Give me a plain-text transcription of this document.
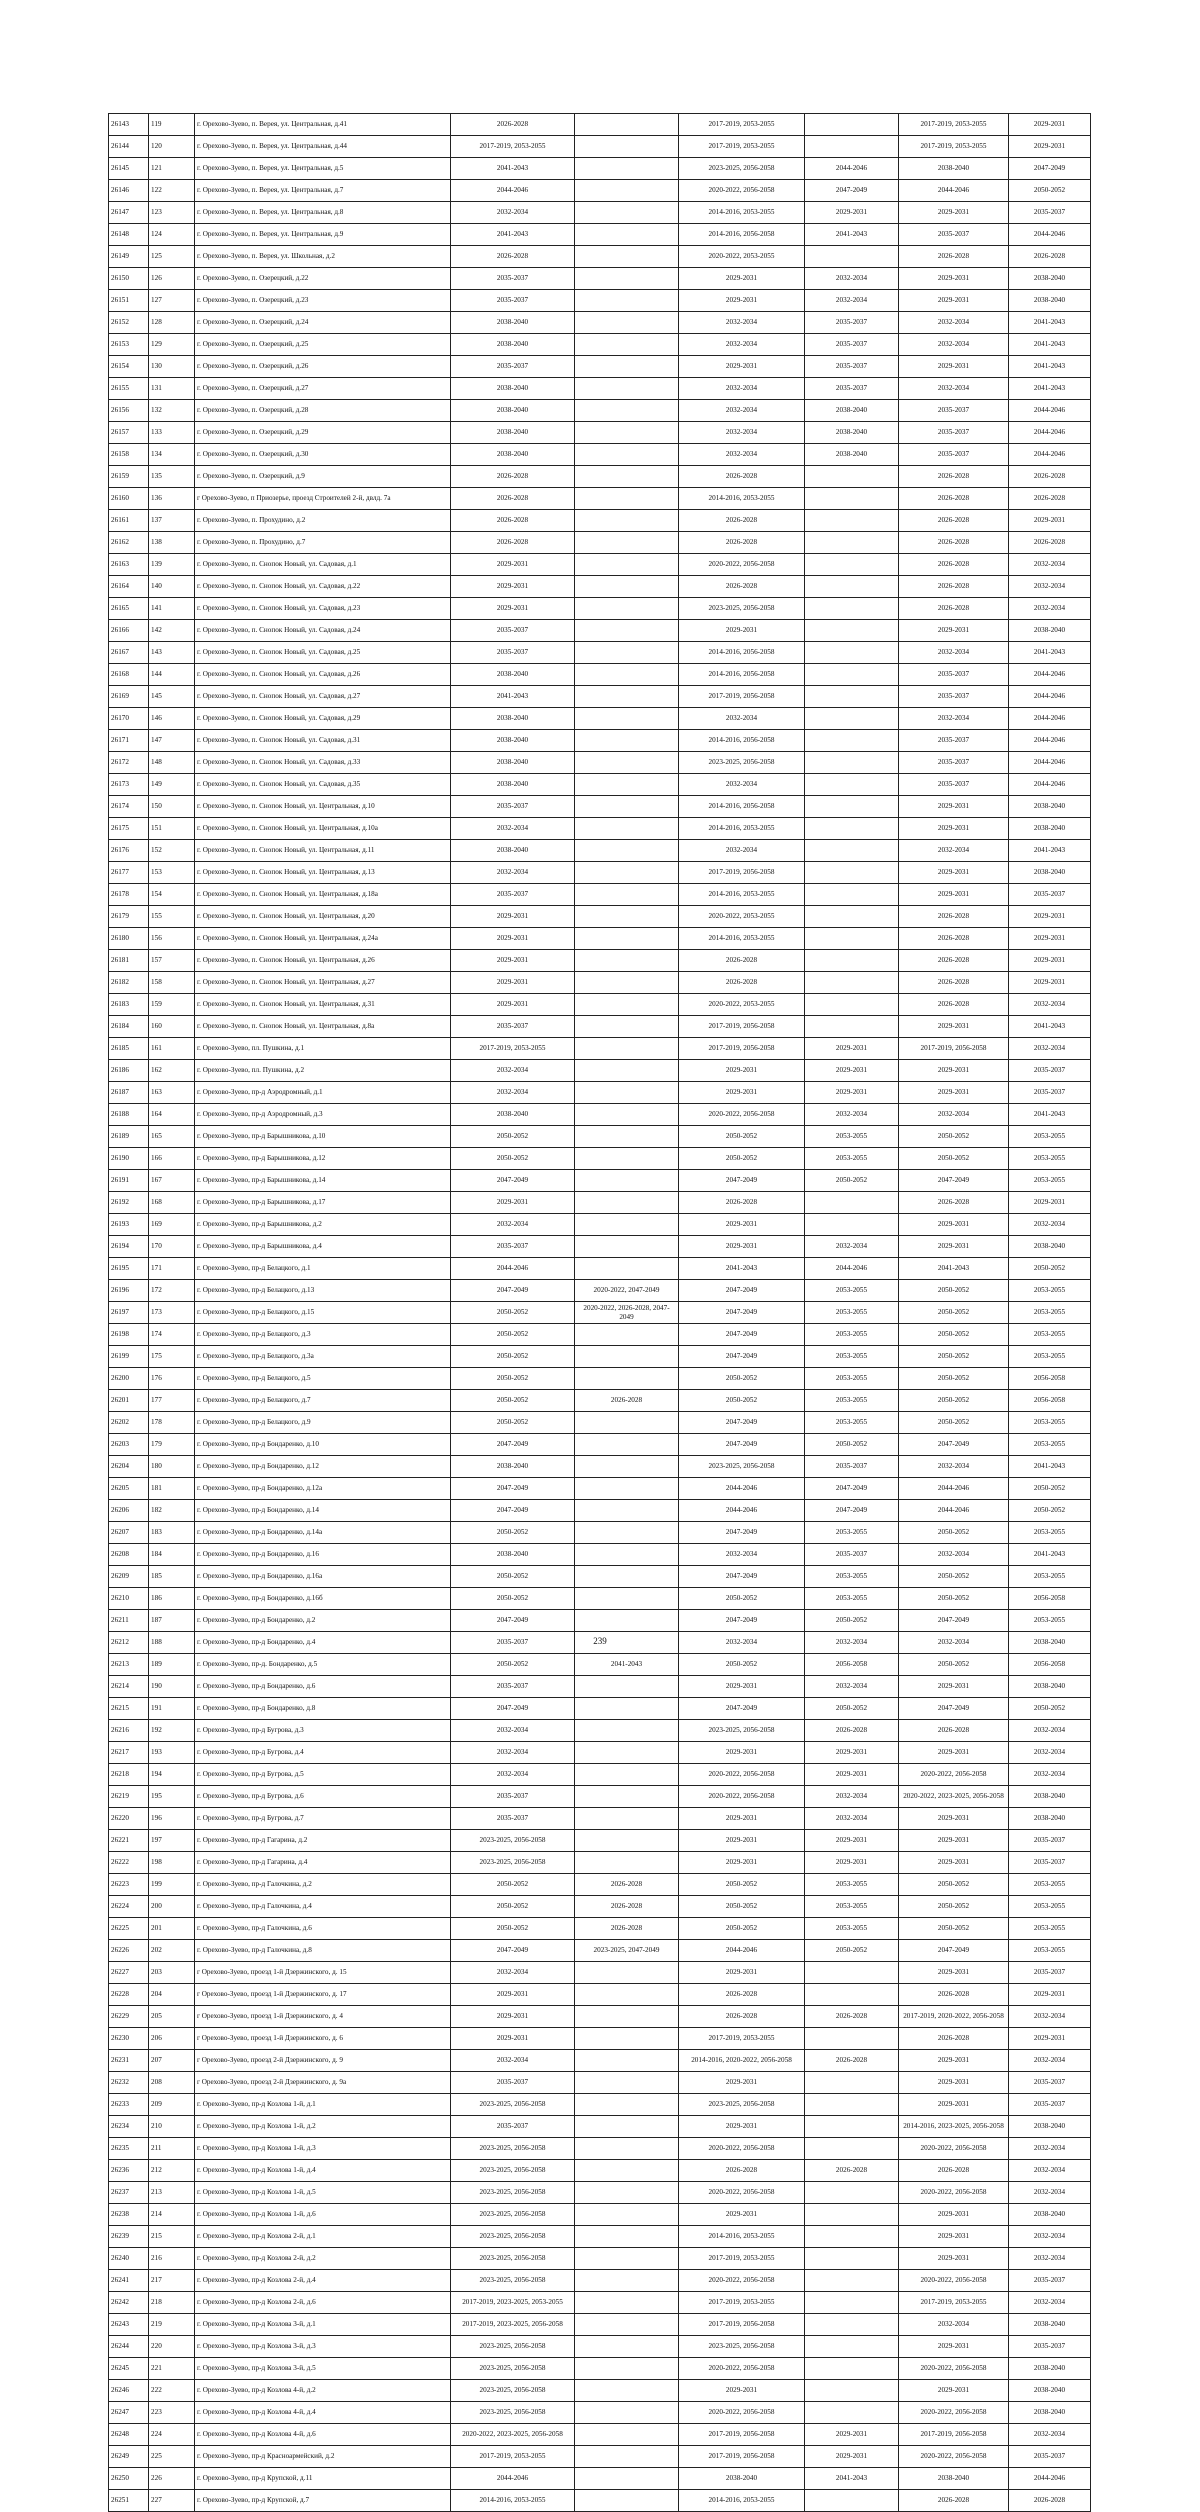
26143	119	г. Орехово-Зуево, п. Верея, ул. Центральная, д.41	2026-2028		2017-2019, 2053-2055		2017-2019, 2053-2055	2029-2031
26144	120	г. Орехово-Зуево, п. Верея, ул. Центральная, д.44	2017-2019, 2053-2055		2017-2019, 2053-2055		2017-2019, 2053-2055	2029-2031
26145	121	г. Орехово-Зуево, п. Верея, ул. Центральная, д.5	2041-2043		2023-2025, 2056-2058	2044-2046	2038-2040	2047-2049
26146	122	г. Орехово-Зуево, п. Верея, ул. Центральная, д.7	2044-2046		2020-2022, 2056-2058	2047-2049	2044-2046	2050-2052
26147	123	г. Орехово-Зуево, п. Верея, ул. Центральная, д.8	2032-2034		2014-2016, 2053-2055	2029-2031	2029-2031	2035-2037
26148	124	г. Орехово-Зуево, п. Верея, ул. Центральная, д.9	2041-2043		2014-2016, 2056-2058	2041-2043	2035-2037	2044-2046
26149	125	г. Орехово-Зуево, п. Верея, ул. Школьная, д.2	2026-2028		2020-2022, 2053-2055		2026-2028	2026-2028
26150	126	г. Орехово-Зуево, п. Озерецкий, д.22	2035-2037		2029-2031	2032-2034	2029-2031	2038-2040
26151	127	г. Орехово-Зуево, п. Озерецкий, д.23	2035-2037		2029-2031	2032-2034	2029-2031	2038-2040
26152	128	г. Орехово-Зуево, п. Озерецкий, д.24	2038-2040		2032-2034	2035-2037	2032-2034	2041-2043
26153	129	г. Орехово-Зуево, п. Озерецкий, д.25	2038-2040		2032-2034	2035-2037	2032-2034	2041-2043
26154	130	г. Орехово-Зуево, п. Озерецкий, д.26	2035-2037		2029-2031	2035-2037	2029-2031	2041-2043
26155	131	г. Орехово-Зуево, п. Озерецкий, д.27	2038-2040		2032-2034	2035-2037	2032-2034	2041-2043
26156	132	г. Орехово-Зуево, п. Озерецкий, д.28	2038-2040		2032-2034	2038-2040	2035-2037	2044-2046
26157	133	г. Орехово-Зуево, п. Озерецкий, д.29	2038-2040		2032-2034	2038-2040	2035-2037	2044-2046
26158	134	г. Орехово-Зуево, п. Озерецкий, д.30	2038-2040		2032-2034	2038-2040	2035-2037	2044-2046
26159	135	г. Орехово-Зуево, п. Озерецкий, д.9	2026-2028		2026-2028		2026-2028	2026-2028
26160	136	г Орехово-Зуево, п Приозерье, проезд Строителей 2-й, двлд. 7а	2026-2028		2014-2016, 2053-2055		2026-2028	2026-2028
26161	137	г. Орехово-Зуево, п. Прохудино, д.2	2026-2028		2026-2028		2026-2028	2029-2031
26162	138	г. Орехово-Зуево, п. Прохудино, д.7	2026-2028		2026-2028		2026-2028	2026-2028
26163	139	г. Орехово-Зуево, п. Снопок Новый, ул. Садовая, д.1	2029-2031		2020-2022, 2056-2058		2026-2028	2032-2034
26164	140	г. Орехово-Зуево, п. Снопок Новый, ул. Садовая, д.22	2029-2031		2026-2028		2026-2028	2032-2034
26165	141	г. Орехово-Зуево, п. Снопок Новый, ул. Садовая, д.23	2029-2031		2023-2025, 2056-2058		2026-2028	2032-2034
26166	142	г. Орехово-Зуево, п. Снопок Новый, ул. Садовая, д.24	2035-2037		2029-2031		2029-2031	2038-2040
26167	143	г. Орехово-Зуево, п. Снопок Новый, ул. Садовая, д.25	2035-2037		2014-2016, 2056-2058		2032-2034	2041-2043
26168	144	г. Орехово-Зуево, п. Снопок Новый, ул. Садовая, д.26	2038-2040		2014-2016, 2056-2058		2035-2037	2044-2046
26169	145	г. Орехово-Зуево, п. Снопок Новый, ул. Садовая, д.27	2041-2043		2017-2019, 2056-2058		2035-2037	2044-2046
26170	146	г. Орехово-Зуево, п. Снопок Новый, ул. Садовая, д.29	2038-2040		2032-2034		2032-2034	2044-2046
26171	147	г. Орехово-Зуево, п. Снопок Новый, ул. Садовая, д.31	2038-2040		2014-2016, 2056-2058		2035-2037	2044-2046
26172	148	г. Орехово-Зуево, п. Снопок Новый, ул. Садовая, д.33	2038-2040		2023-2025, 2056-2058		2035-2037	2044-2046
26173	149	г. Орехово-Зуево, п. Снопок Новый, ул. Садовая, д.35	2038-2040		2032-2034		2035-2037	2044-2046
26174	150	г. Орехово-Зуево, п. Снопок Новый, ул. Центральная, д.10	2035-2037		2014-2016, 2056-2058		2029-2031	2038-2040
26175	151	г. Орехово-Зуево, п. Снопок Новый, ул. Центральная, д.10а	2032-2034		2014-2016, 2053-2055		2029-2031	2038-2040
26176	152	г. Орехово-Зуево, п. Снопок Новый, ул. Центральная, д.11	2038-2040		2032-2034		2032-2034	2041-2043
26177	153	г. Орехово-Зуево, п. Снопок Новый, ул. Центральная, д.13	2032-2034		2017-2019, 2056-2058		2029-2031	2038-2040
26178	154	г. Орехово-Зуево, п. Снопок Новый, ул. Центральная, д.18а	2035-2037		2014-2016, 2053-2055		2029-2031	2035-2037
26179	155	г. Орехово-Зуево, п. Снопок Новый, ул. Центральная, д.20	2029-2031		2020-2022, 2053-2055		2026-2028	2029-2031
26180	156	г. Орехово-Зуево, п. Снопок Новый, ул. Центральная, д.24а	2029-2031		2014-2016, 2053-2055		2026-2028	2029-2031
26181	157	г. Орехово-Зуево, п. Снопок Новый, ул. Центральная, д.26	2029-2031		2026-2028		2026-2028	2029-2031
26182	158	г. Орехово-Зуево, п. Снопок Новый, ул. Центральная, д.27	2029-2031		2026-2028		2026-2028	2029-2031
26183	159	г. Орехово-Зуево, п. Снопок Новый, ул. Центральная, д.31	2029-2031		2020-2022, 2053-2055		2026-2028	2032-2034
26184	160	г. Орехово-Зуево, п. Снопок Новый, ул. Центральная, д.8а	2035-2037		2017-2019, 2056-2058		2029-2031	2041-2043
26185	161	г. Орехово-Зуево, пл. Пушкина, д.1	2017-2019, 2053-2055		2017-2019, 2056-2058	2029-2031	2017-2019, 2056-2058	2032-2034
26186	162	г. Орехово-Зуево, пл. Пушкина, д.2	2032-2034		2029-2031	2029-2031	2029-2031	2035-2037
26187	163	г. Орехово-Зуево, пр-д Аэродромный, д.1	2032-2034		2029-2031	2029-2031	2029-2031	2035-2037
26188	164	г. Орехово-Зуево, пр-д Аэродромный, д.3	2038-2040		2020-2022, 2056-2058	2032-2034	2032-2034	2041-2043
26189	165	г. Орехово-Зуево, пр-д Барышникова, д.10	2050-2052		2050-2052	2053-2055	2050-2052	2053-2055
26190	166	г. Орехово-Зуево, пр-д Барышникова, д.12	2050-2052		2050-2052	2053-2055	2050-2052	2053-2055
26191	167	г. Орехово-Зуево, пр-д Барышникова, д.14	2047-2049		2047-2049	2050-2052	2047-2049	2053-2055
26192	168	г. Орехово-Зуево, пр-д Барышникова, д.17	2029-2031		2026-2028		2026-2028	2029-2031
26193	169	г. Орехово-Зуево, пр-д Барышникова, д.2	2032-2034		2029-2031		2029-2031	2032-2034
26194	170	г. Орехово-Зуево, пр-д Барышникова, д.4	2035-2037		2029-2031	2032-2034	2029-2031	2038-2040
26195	171	г. Орехово-Зуево, пр-д Белацкого, д.1	2044-2046		2041-2043	2044-2046	2041-2043	2050-2052
26196	172	г. Орехово-Зуево, пр-д Белацкого, д.13	2047-2049	2020-2022, 2047-2049	2047-2049	2053-2055	2050-2052	2053-2055
26197	173	г. Орехово-Зуево, пр-д Белацкого, д.15	2050-2052	2020-2022, 2026-2028, 2047-2049	2047-2049	2053-2055	2050-2052	2053-2055
26198	174	г. Орехово-Зуево, пр-д Белацкого, д.3	2050-2052		2047-2049	2053-2055	2050-2052	2053-2055
26199	175	г. Орехово-Зуево, пр-д Белацкого, д.3а	2050-2052		2047-2049	2053-2055	2050-2052	2053-2055
26200	176	г. Орехово-Зуево, пр-д Белацкого, д.5	2050-2052		2050-2052	2053-2055	2050-2052	2056-2058
26201	177	г. Орехово-Зуево, пр-д Белацкого, д.7	2050-2052	2026-2028	2050-2052	2053-2055	2050-2052	2056-2058
26202	178	г. Орехово-Зуево, пр-д Белацкого, д.9	2050-2052		2047-2049	2053-2055	2050-2052	2053-2055
26203	179	г. Орехово-Зуево, пр-д Бондаренко, д.10	2047-2049		2047-2049	2050-2052	2047-2049	2053-2055
26204	180	г. Орехово-Зуево, пр-д Бондаренко, д.12	2038-2040		2023-2025, 2056-2058	2035-2037	2032-2034	2041-2043
26205	181	г. Орехово-Зуево, пр-д Бондаренко, д.12а	2047-2049		2044-2046	2047-2049	2044-2046	2050-2052
26206	182	г. Орехово-Зуево, пр-д Бондаренко, д.14	2047-2049		2044-2046	2047-2049	2044-2046	2050-2052
26207	183	г. Орехово-Зуево, пр-д Бондаренко, д.14а	2050-2052		2047-2049	2053-2055	2050-2052	2053-2055
26208	184	г. Орехово-Зуево, пр-д Бондаренко, д.16	2038-2040		2032-2034	2035-2037	2032-2034	2041-2043
26209	185	г. Орехово-Зуево, пр-д Бондаренко, д.16а	2050-2052		2047-2049	2053-2055	2050-2052	2053-2055
26210	186	г. Орехово-Зуево, пр-д Бондаренко, д.16б	2050-2052		2050-2052	2053-2055	2050-2052	2056-2058
26211	187	г. Орехово-Зуево, пр-д Бондаренко, д.2	2047-2049		2047-2049	2050-2052	2047-2049	2053-2055
26212	188	г. Орехово-Зуево, пр-д Бондаренко, д.4	2035-2037		2032-2034	2032-2034	2032-2034	2038-2040
26213	189	г. Орехово-Зуево, пр-д. Бондаренко, д.5	2050-2052	2041-2043	2050-2052	2056-2058	2050-2052	2056-2058
26214	190	г. Орехово-Зуево, пр-д Бондаренко, д.6	2035-2037		2029-2031	2032-2034	2029-2031	2038-2040
26215	191	г. Орехово-Зуево, пр-д Бондаренко, д.8	2047-2049		2047-2049	2050-2052	2047-2049	2050-2052
26216	192	г. Орехово-Зуево, пр-д Бугрова, д.3	2032-2034		2023-2025, 2056-2058	2026-2028	2026-2028	2032-2034
26217	193	г. Орехово-Зуево, пр-д Бугрова, д.4	2032-2034		2029-2031	2029-2031	2029-2031	2032-2034
26218	194	г. Орехово-Зуево, пр-д Бугрова, д.5	2032-2034		2020-2022, 2056-2058	2029-2031	2020-2022, 2056-2058	2032-2034
26219	195	г. Орехово-Зуево, пр-д Бугрова, д.6	2035-2037		2020-2022, 2056-2058	2032-2034	2020-2022, 2023-2025, 2056-2058	2038-2040
26220	196	г. Орехово-Зуево, пр-д Бугрова, д.7	2035-2037		2029-2031	2032-2034	2029-2031	2038-2040
26221	197	г. Орехово-Зуево, пр-д Гагарина, д.2	2023-2025, 2056-2058		2029-2031	2029-2031	2029-2031	2035-2037
26222	198	г. Орехово-Зуево, пр-д Гагарина, д.4	2023-2025, 2056-2058		2029-2031	2029-2031	2029-2031	2035-2037
26223	199	г. Орехово-Зуево, пр-д Галочкина, д.2	2050-2052	2026-2028	2050-2052	2053-2055	2050-2052	2053-2055
26224	200	г. Орехово-Зуево, пр-д Галочкина, д.4	2050-2052	2026-2028	2050-2052	2053-2055	2050-2052	2053-2055
26225	201	г. Орехово-Зуево, пр-д Галочкина, д.6	2050-2052	2026-2028	2050-2052	2053-2055	2050-2052	2053-2055
26226	202	г. Орехово-Зуево, пр-д Галочкина, д.8	2047-2049	2023-2025, 2047-2049	2044-2046	2050-2052	2047-2049	2053-2055
26227	203	г Орехово-Зуево, проезд 1-й Дзержинского, д. 15	2032-2034		2029-2031		2029-2031	2035-2037
26228	204	г Орехово-Зуево, проезд 1-й Дзержинского, д. 17	2029-2031		2026-2028		2026-2028	2029-2031
26229	205	г Орехово-Зуево, проезд 1-й Дзержинского, д. 4	2029-2031		2026-2028	2026-2028	2017-2019, 2020-2022, 2056-2058	2032-2034
26230	206	г Орехово-Зуево, проезд 1-й Дзержинского, д. 6	2029-2031		2017-2019, 2053-2055		2026-2028	2029-2031
26231	207	г Орехово-Зуево, проезд 2-й Дзержинского, д. 9	2032-2034		2014-2016, 2020-2022, 2056-2058	2026-2028	2029-2031	2032-2034
26232	208	г Орехово-Зуево, проезд 2-й Дзержинского, д. 9а	2035-2037		2029-2031		2029-2031	2035-2037
26233	209	г. Орехово-Зуево, пр-д Козлова 1-й, д.1	2023-2025, 2056-2058		2023-2025, 2056-2058		2029-2031	2035-2037
26234	210	г. Орехово-Зуево, пр-д Козлова 1-й, д.2	2035-2037		2029-2031		2014-2016, 2023-2025, 2056-2058	2038-2040
26235	211	г. Орехово-Зуево, пр-д Козлова 1-й, д.3	2023-2025, 2056-2058		2020-2022, 2056-2058		2020-2022, 2056-2058	2032-2034
26236	212	г. Орехово-Зуево, пр-д Козлова 1-й, д.4	2023-2025, 2056-2058		2026-2028	2026-2028	2026-2028	2032-2034
26237	213	г. Орехово-Зуево, пр-д Козлова 1-й, д.5	2023-2025, 2056-2058		2020-2022, 2056-2058		2020-2022, 2056-2058	2032-2034
26238	214	г. Орехово-Зуево, пр-д Козлова 1-й, д.6	2023-2025, 2056-2058		2029-2031		2029-2031	2038-2040
26239	215	г. Орехово-Зуево, пр-д Козлова 2-й, д.1	2023-2025, 2056-2058		2014-2016, 2053-2055		2029-2031	2032-2034
26240	216	г. Орехово-Зуево, пр-д Козлова 2-й, д.2	2023-2025, 2056-2058		2017-2019, 2053-2055		2029-2031	2032-2034
26241	217	г. Орехово-Зуево, пр-д Козлова 2-й, д.4	2023-2025, 2056-2058		2020-2022, 2056-2058		2020-2022, 2056-2058	2035-2037
26242	218	г. Орехово-Зуево, пр-д Козлова 2-й, д.6	2017-2019, 2023-2025, 2053-2055		2017-2019, 2053-2055		2017-2019, 2053-2055	2032-2034
26243	219	г. Орехово-Зуево, пр-д Козлова 3-й, д.1	2017-2019, 2023-2025, 2056-2058		2017-2019, 2056-2058		2032-2034	2038-2040
26244	220	г. Орехово-Зуево, пр-д Козлова 3-й, д.3	2023-2025, 2056-2058		2023-2025, 2056-2058		2029-2031	2035-2037
26245	221	г. Орехово-Зуево, пр-д Козлова 3-й, д.5	2023-2025, 2056-2058		2020-2022, 2056-2058		2020-2022, 2056-2058	2038-2040
26246	222	г. Орехово-Зуево, пр-д Козлова 4-й, д.2	2023-2025, 2056-2058		2029-2031		2029-2031	2038-2040
26247	223	г. Орехово-Зуево, пр-д Козлова 4-й, д.4	2023-2025, 2056-2058		2020-2022, 2056-2058		2020-2022, 2056-2058	2038-2040
26248	224	г. Орехово-Зуево, пр-д Козлова 4-й, д.6	2020-2022, 2023-2025, 2056-2058		2017-2019, 2056-2058	2029-2031	2017-2019, 2056-2058	2032-2034
26249	225	г. Орехово-Зуево, пр-д Красноармейский, д.2	2017-2019, 2053-2055		2017-2019, 2056-2058	2029-2031	2020-2022, 2056-2058	2035-2037
26250	226	г. Орехово-Зуево, пр-д Крупской, д.11	2044-2046		2038-2040	2041-2043	2038-2040	2044-2046
26251	227	г. Орехово-Зуево, пр-д Крупской, д.7	2014-2016, 2053-2055		2014-2016, 2053-2055		2026-2028	2026-2028
239
